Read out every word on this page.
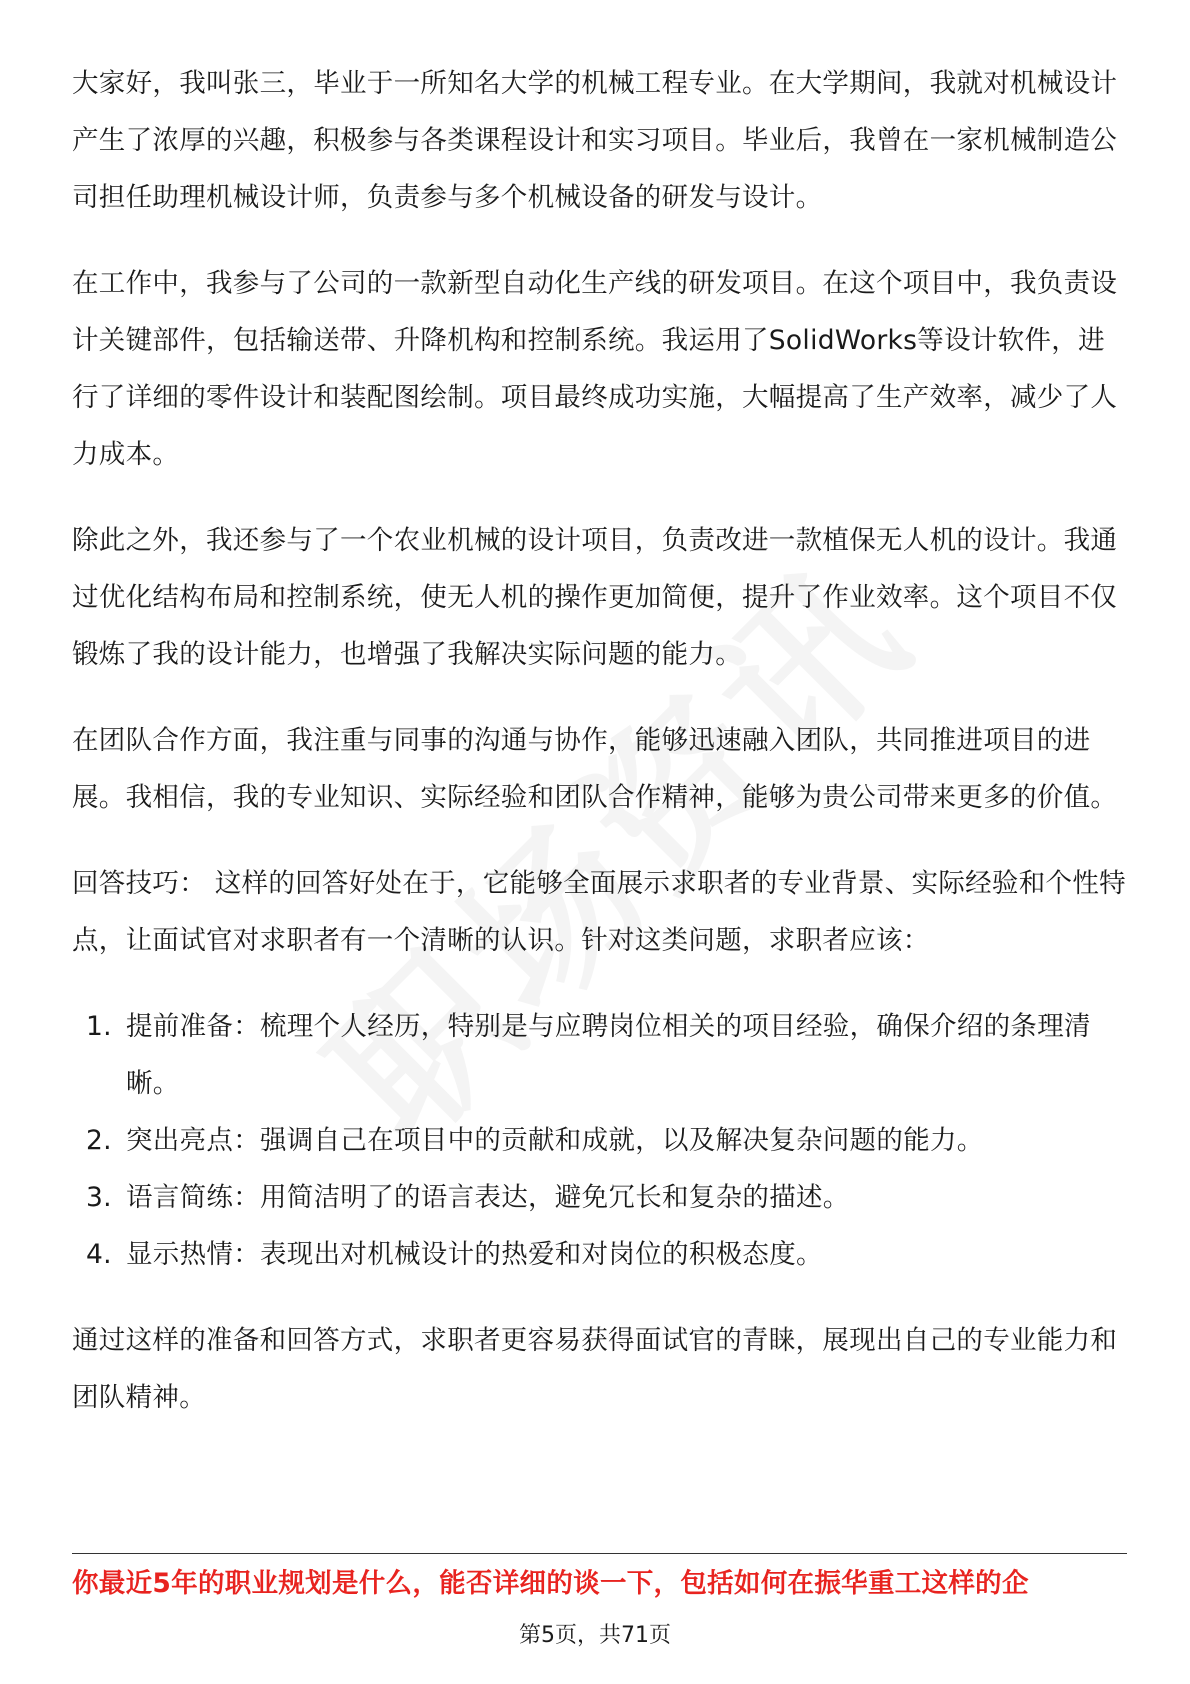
大家好，我叫张三，毕业于一所知名大学的机械工程专业。在大学期间，我就对机械设计产生了浓厚的兴趣，积极参与各类课程设计和实习项目。毕业后，我曾在一家机械制造公司担任助理机械设计师，负责参与多个机械设备的研发与设计。

在工作中，我参与了公司的一款新型自动化生产线的研发项目。在这个项目中，我负责设计关键部件，包括输送带、升降机构和控制系统。我运用了SolidWorks等设计软件，进行了详细的零件设计和装配图绘制。项目最终成功实施，大幅提高了生产效率，减少了人力成本。

除此之外，我还参与了一个农业机械的设计项目，负责改进一款植保无人机的设计。我通过优化结构布局和控制系统，使无人机的操作更加简便，提升了作业效率。这个项目不仅锻炼了我的设计能力，也增强了我解决实际问题的能力。

在团队合作方面，我注重与同事的沟通与协作，能够迅速融入团队，共同推进项目的进展。我相信，我的专业知识、实际经验和团队合作精神，能够为贵公司带来更多的价值。

回答技巧： 这样的回答好处在于，它能够全面展示求职者的专业背景、实际经验和个性特点，让面试官对求职者有一个清晰的认识。针对这类问题，求职者应该：

1. 提前准备：梳理个人经历，特别是与应聘岗位相关的项目经验，确保介绍的条理清晰。
2. 突出亮点：强调自己在项目中的贡献和成就，以及解决复杂问题的能力。
3. 语言简练：用简洁明了的语言表达，避免冗长和复杂的描述。
4. 显示热情：表现出对机械设计的热爱和对岗位的积极态度。

通过这样的准备和回答方式，求职者更容易获得面试官的青睐，展现出自己的专业能力和团队精神。

你最近5年的职业规划是什么，能否详细的谈一下，包括如何在振华重工这样的企
第5页，共71页
